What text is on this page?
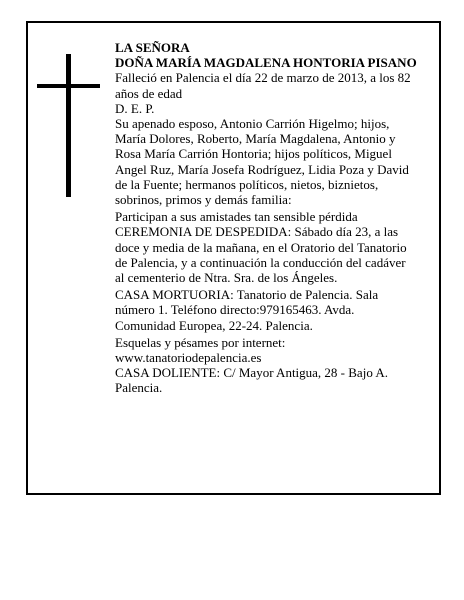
LA SEÑORA

DOÑA MARÍA MAGDALENA HONTORIA PISANO

Falleció en Palencia el día 22 de marzo de 2013, a los 82 años de edad

D. E. P.

Su apenado esposo, Antonio Carrión Higelmo; hijos, María Dolores, Roberto, María Magdalena, Antonio y Rosa María Carrión Hontoria; hijos políticos, Miguel Angel Ruz, María Josefa Rodríguez, Lidia Poza y David de la Fuente; hermanos políticos, nietos, biznietos, sobrinos, primos y demás familia:

Participan a sus amistades tan sensible pérdida

CEREMONIA DE DESPEDIDA: Sábado día 23, a las doce y media de la mañana, en el Oratorio del Tanatorio de Palencia, y a continuación la conducción del cadáver al cementerio de Ntra. Sra. de los Ángeles.

CASA MORTUORIA: Tanatorio de Palencia. Sala número 1. Teléfono directo:979165463. Avda. Comunidad Europea, 22-24. Palencia.

Esquelas y pésames por internet: www.tanatoriodepalencia.es

CASA DOLIENTE: C/ Mayor Antigua, 28 - Bajo A. Palencia.
